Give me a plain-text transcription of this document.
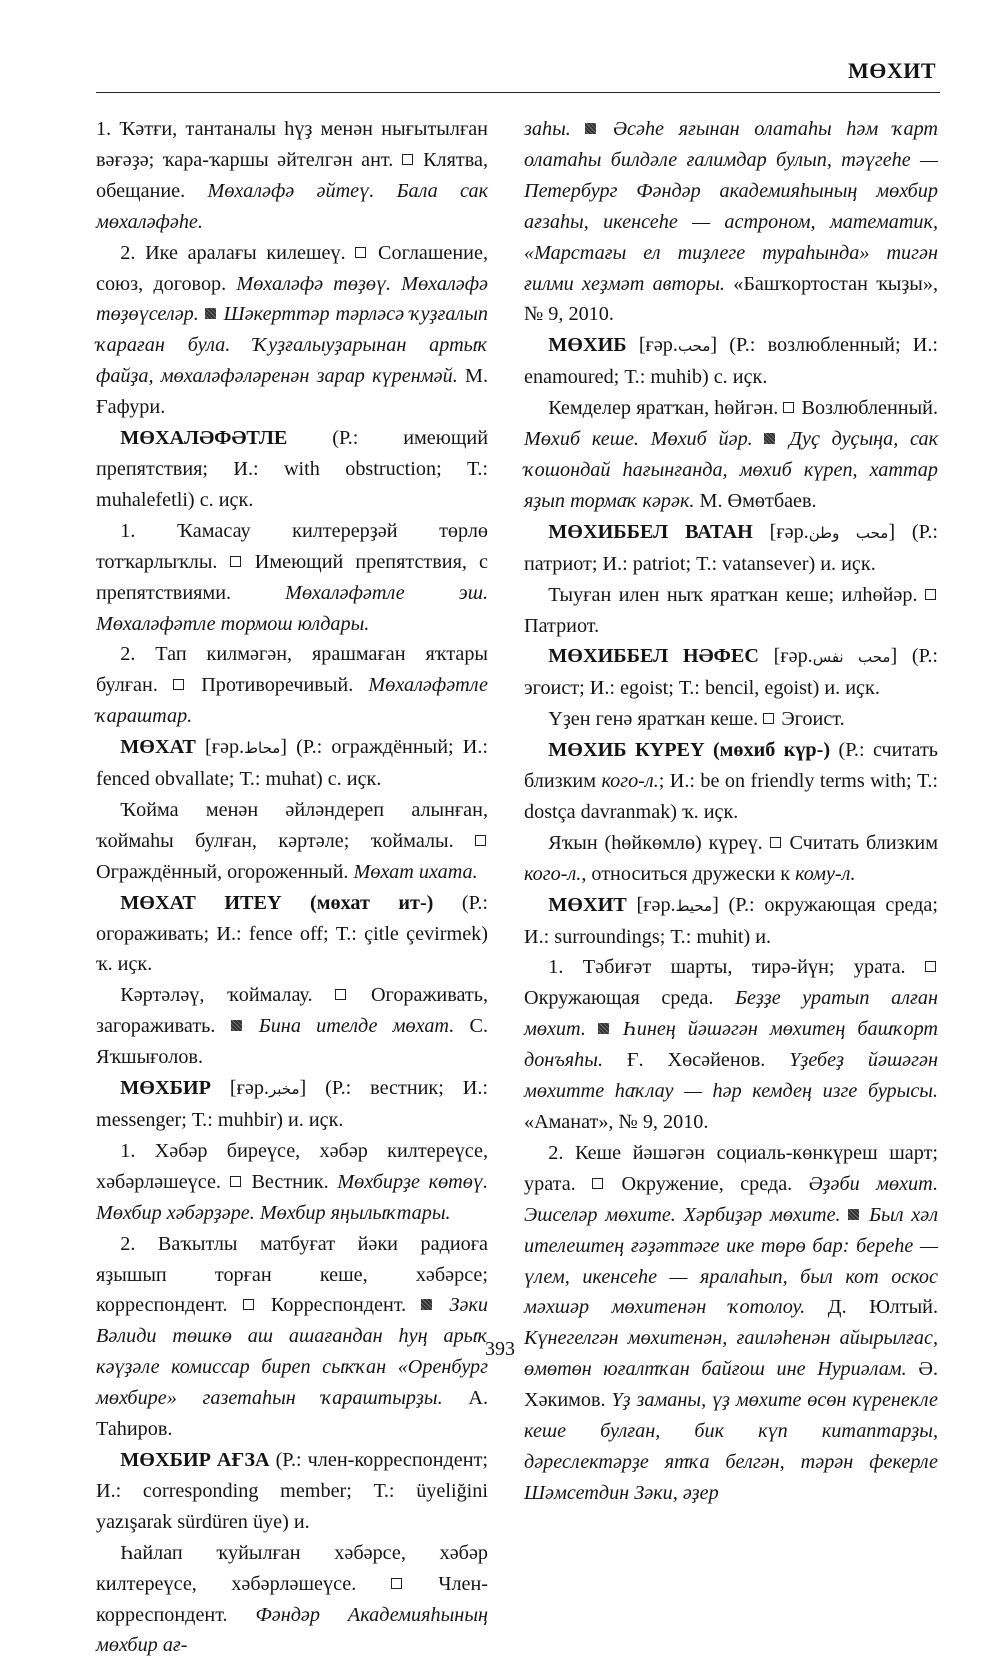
МӨХИТ

1. Ҡәтғи, тантаналы һүҙ менән нығытылған вәғәҙә; ҡара-ҡаршы әйтелгән ант. Клятва, обещание. Мөхаләфә әйтеү. Бала сак мөхаләфәһе.

2. Ике аралағы килешеү. Соглашение, союз, договор. Мөхаләфә төҙөү. Мөхаләфә төҙөүселәр. Шәкерттәр тәрләсә ҡуҙғалып ҡараған була. Ҡуҙғалыуҙарынан артыҡ файҙа, мөхаләфәләренән зарар күренмәй. М. Ғафури.

МӨХАЛӘФӘТЛЕ (Р.: имеющий препятствия; И.: with obstruction; Т.: muhalefetli) с. иҫк.

1. Ҡамасау килтерерҙәй төрлө тотҡарлыҡлы. Имеющий препятствия, с препятствиями.	Мөхаләфәтле эш. Мөхаләфәтле тормош юлдары.

2. Тап килмәгән, ярашмаған яҡтары булған. Противоречивый. Мөхаләфәтле ҡараштар.

МӨХАТ [ғәр.محاط] (Р.: ограждённый; И.: fenced obvallate; Т.: muhat) с. иҫк.

Ҡойма менән әйләндереп алынған, ҡоймаһы булған, кәртәле; ҡоймалы.  Ограждённый, огороженный. Мөхат ихата.

МӨХАТ ИТЕҮ (мөхат ит-) (Р.: огораживать; И.: fence off; Т.: çitle çevirmek) ҡ. иҫк.

Кәртәләү, ҡоймалау.	Огораживать, загораживать. Бина ителде мөхат. С. Яҡшығолов.

МӨХБИР [ғәр.مخبر] (Р.: вестник; И.: messenger; Т.: muhbir) и. иҫк.

1. Хәбәр биреүсе, хәбәр килтереүсе, хәбәрләшеүсе. Вестник. Мөхбирҙе көтөү. Мөхбир хәбәрҙәре. Мөхбир яңылыҡтары.

2. Ваҡытлы матбуғат йәки радиоға яҙышып торған кеше, хәбәрсе; корреспондент. Корреспондент. Зәки Вәлиди төшкө аш ашағандан һуң арыҡ кәүҙәле комиссар биреп сыҡҡан «Оренбург мөхбире» газетаһын ҡараштырҙы. А. Таһиров.

МӨХБИР АҒЗА (Р.: член-корреспондент; И.: corresponding member; Т.: üyeliğini yazışarak sürdüren üye) и.

Һайлап ҡуйылған хәбәрсе, хәбәр килтереүсе, хәбәрләшеүсе.	Член-корреспондент. Фәндәр Академияһының мөхбир ағ-

заһы. Әсәһе яғынан олатаһы һәм ҡарт олатаһы билдәле ғалимдар булып, тәүгеһе — Петербург Фәндәр академияһының мөхбир ағзаһы, икенсеһе — астроном, математик, «Марстағы ел тиҙлеге тураһында» тигән ғилми хеҙмәт авторы. «Башҡортостан ҡыҙы», № 9, 2010.

МӨХИБ [ғәр.محب] (Р.: возлюбленный; И.: enamoured; Т.: muhib) с. иҫк.

Кемделер яратҡан, һөйгән. Возлюбленный. Мөхиб кеше. Мөхиб йәр. Дуҫ дуҫыңа, сак ҡошондай һағынғанда, мөхиб күреп, хаттар яҙып тормаҡ кәрәк. М. Өмөтбаев.

МӨХИББЕЛ ВАТАН [ғәр.محب وطن] (Р.: патриот; И.: patriot; Т.: vatansever) и. иҫк.

Тыуған илен ныҡ яратҡан кеше; илһөйәр.  Патриот.

МӨХИББЕЛ НӘФЕС [ғәр.محب نفس] (Р.: эгоист; И.: egoist; Т.: bencil, egoist) и. иҫк.

Үҙен генә яратҡан кеше. Эгоист.

МӨХИБ КҮРЕҮ (мөхиб күр-) (Р.: считать близким кого-л.; И.: be on friendly terms with; Т.: dostça davranmak) ҡ. иҫк.

Яҡын (һөйкөмлө) күреү. Считать близким кого-л., относиться дружески к кому-л.

МӨХИТ [ғәр.محيط] (Р.: окружающая среда; И.: surroundings; Т.: muhit) и.

1. Тәбиғәт шарты, тирә-йүн; урата.  Окружающая среда. Беҙҙе уратып алған мөхит. Һинең йәшәгән мөхитең башҡорт донъяһы. Ғ. Хөсәйенов. Үҙебеҙ йәшәгән мөхитте һаҡлау — һәр кемдең изге бурысы. «Аманат», № 9, 2010.

2. Кеше йәшәгән социаль-көнкүреш шарт; урата. Окружение, среда. Әҙәби мөхит. Эшселәр мөхите. Хәрбиҙәр мөхите. Был хәл ителештең ғәҙәттәге ике төрө бар: береһе — үлем, икенсеһе — яралаһып, был кот оскос мәхшәр мөхитенән ҡотолоу. Д. Юлтый. Күнегелгән мөхитенән, ғаиләһенән айырылғас, өмөтөн юғалтҡан байғош ине Нуриәлам. Ә. Хәкимов. Үҙ заманы, үҙ мөхите өсөн күренекле кеше булған, бик күп китаптарҙы, дәреслектәрҙе ятҡа белгән, тәрән фекерле Шәмсетдин Зәки, әҙер

393
